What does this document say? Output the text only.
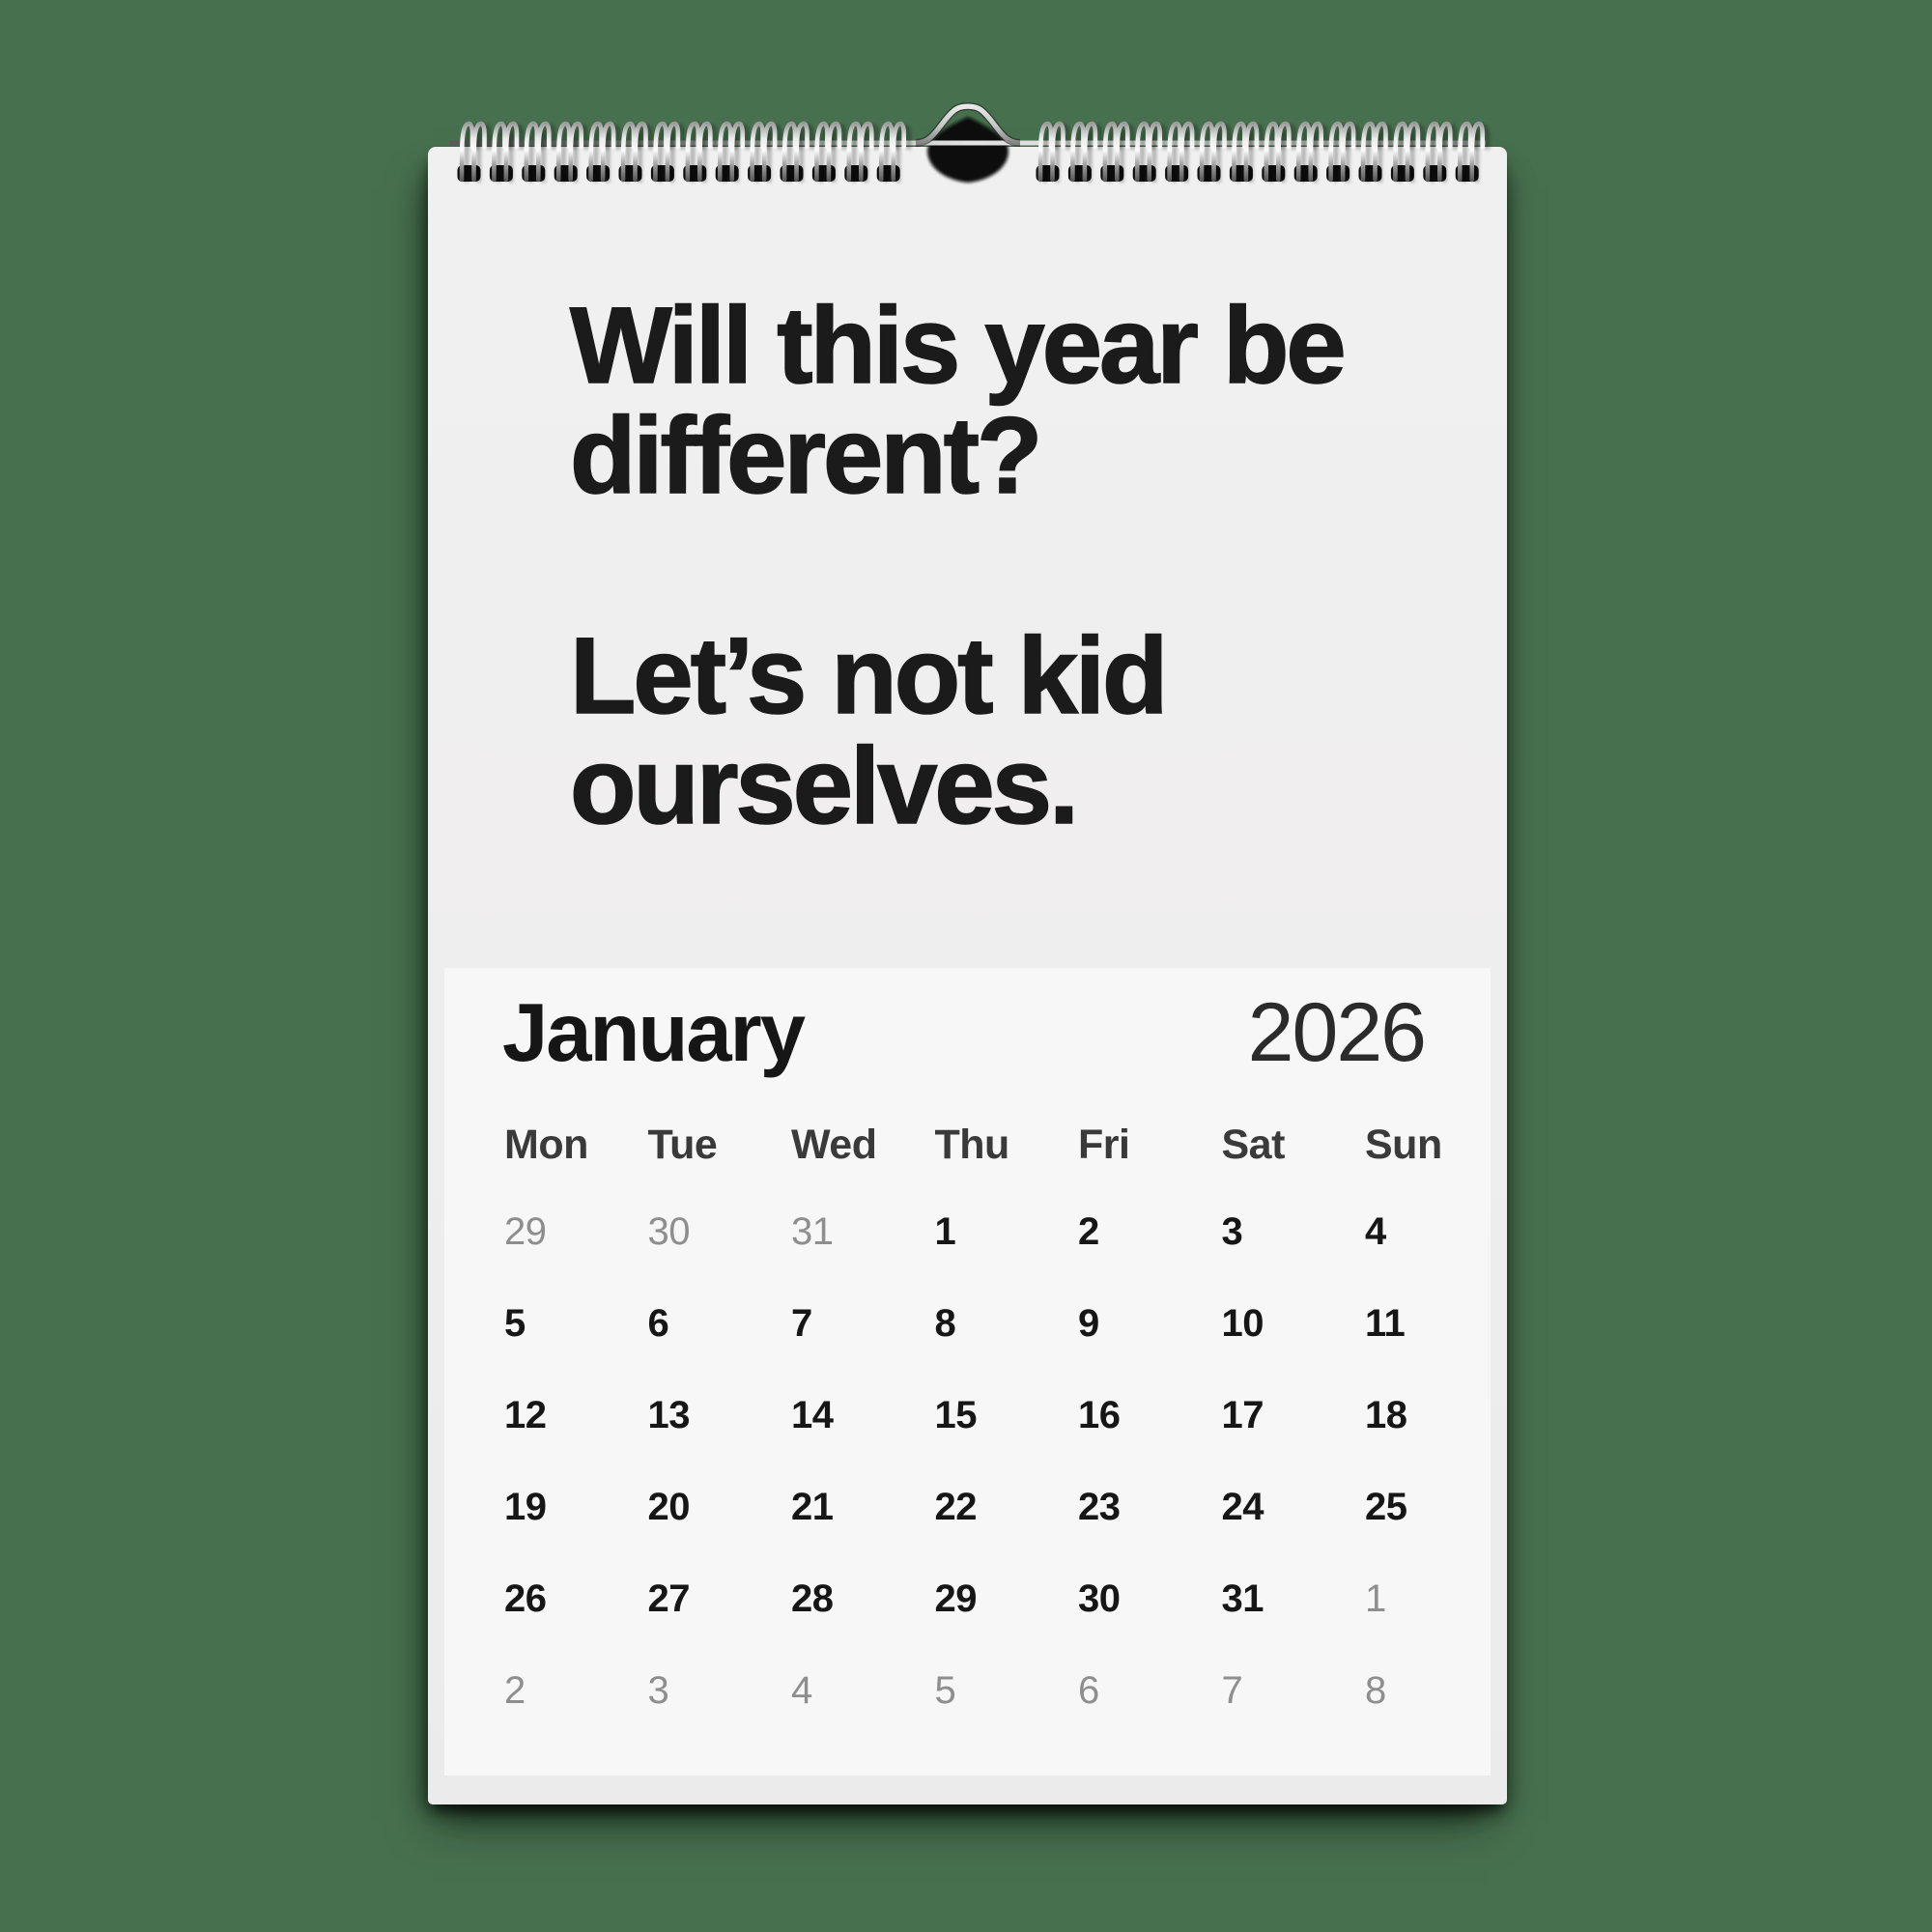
Will this year be
different?
Let’s not kid
ourselves.
January	2026
Mon	Tue	Wed	Thu	Fri	Sat	Sun
29	30	31	1	2	3	4
5	6	7	8	9	10	11
12	13	14	15	16	17	18
19	20	21	22	23	24	25
26	27	28	29	30	31	1
2	3	4	5	6	7	8
